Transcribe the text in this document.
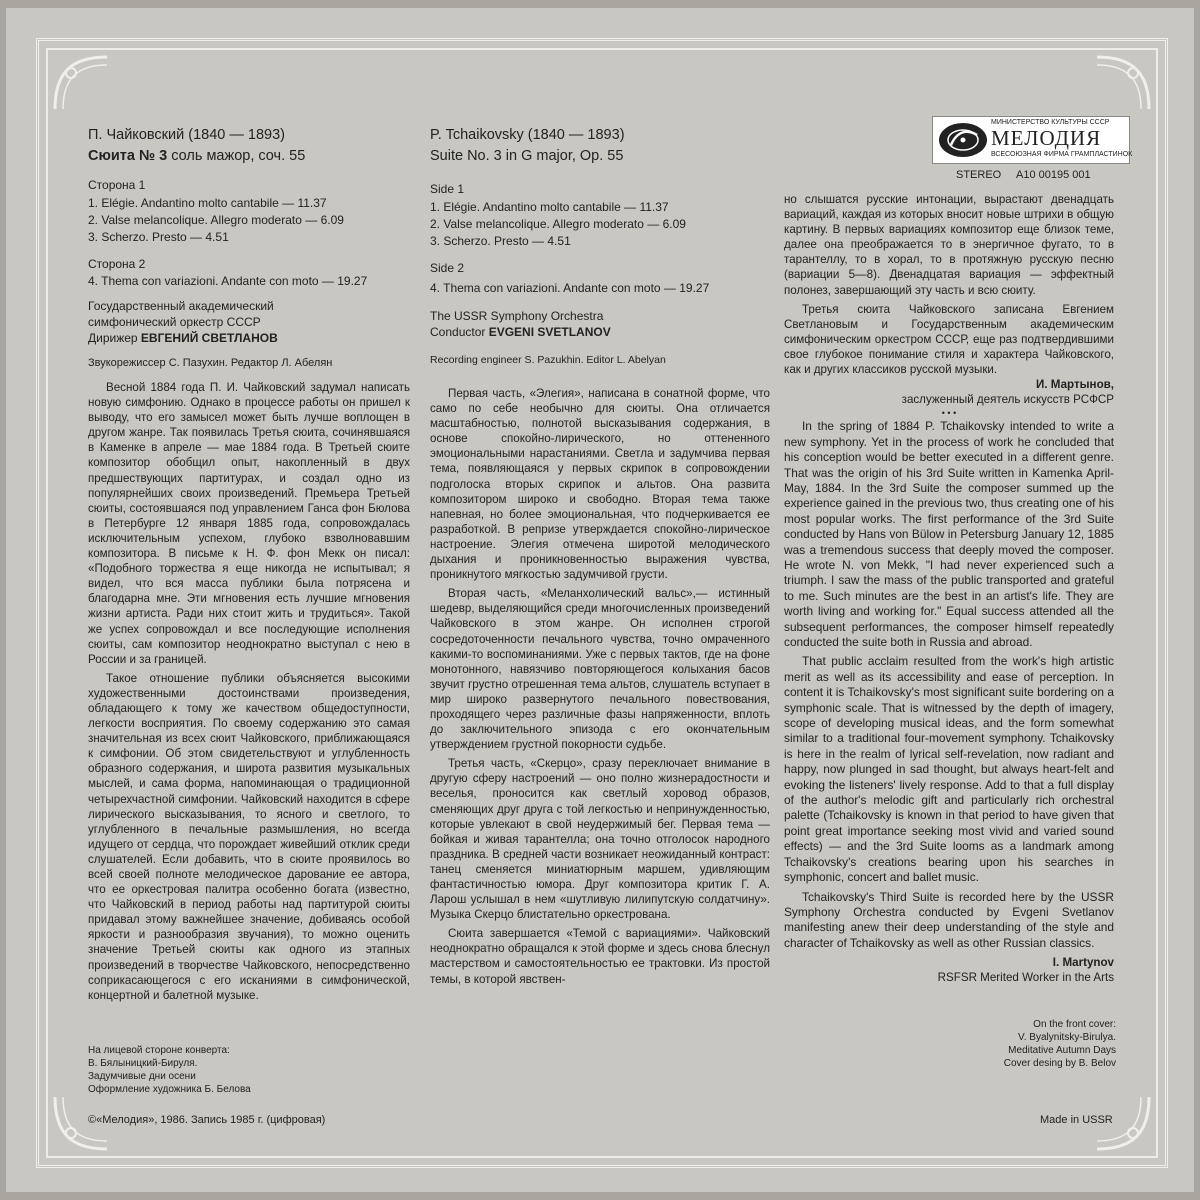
П. Чайковский (1840 — 1893)
Сюита № 3 соль мажор, соч. 55
Сторона 1
1. Elégie. Andantino molto cantabile — 11.37
2. Valse melancolique. Allegro moderato — 6.09
3. Scherzo. Presto — 4.51
Сторона 2
4. Thema con variazioni. Andante con moto — 19.27
Государственный академический
симфонический оркестр СССР
Дирижер ЕВГЕНИЙ СВЕТЛАНОВ
Звукорежиссер С. Пазухин. Редактор Л. Абелян
P. Tchaikovsky (1840 — 1893)
Suite No. 3 in G major, Op. 55
Side 1
1. Elégie. Andantino molto cantabile — 11.37
2. Valse melancolique. Allegro moderato — 6.09
3. Scherzo. Presto — 4.51
Side 2
4. Thema con variazioni. Andante con moto — 19.27
The USSR Symphony Orchestra
Conductor EVGENI SVETLANOV
Recording engineer S. Pazukhin. Editor L. Abelyan
МИНИСТЕРСТВО КУЛЬТУРЫ СССР
МЕЛОДИЯ
ВСЕСОЮЗНАЯ ФИРМА ГРАМПЛАСТИНОК
STEREO А10 00195 001

Весной 1884 года П. И. Чайковский задумал написать новую симфонию. Однако в процессе работы он пришел к выводу, что его замысел может быть лучше воплощен в другом жанре. Так появилась Третья сюита, сочинявшаяся в Каменке в апреле — мае 1884 года. В Третьей сюите композитор обобщил опыт, накопленный в двух предшествующих партитурах, и создал одно из популярнейших своих произведений. Премьера Третьей сюиты, состоявшаяся под управлением Ганса фон Бюлова в Петербурге 12 января 1885 года, сопровождалась исключительным успехом, глубоко взволновавшим композитора. В письме к Н. Ф. фон Мекк он писал: «Подобного торжества я еще никогда не испытывал; я видел, что вся масса публики была потрясена и благодарна мне. Эти мгновения есть лучшие мгновения жизни артиста. Ради них стоит жить и трудиться». Такой же успех сопровождал и все последующие исполнения сюиты, сам композитор неоднократно выступал с нею в России и за границей.

Такое отношение публики объясняется высокими художественными достоинствами произведения, обладающего к тому же качеством общедоступности, легкости восприятия. По своему содержанию это самая значительная из всех сюит Чайковского, приближающаяся к симфонии. Об этом свидетельствуют и углубленность образного содержания, и широта развития музыкальных мыслей, и сама форма, напоминающая о традиционной четырехчастной симфонии. Чайковский находится в сфере лирического высказывания, то ясного и светлого, то углубленного в печальные размышления, но всегда идущего от сердца, что порождает живейший отклик среди слушателей. Если добавить, что в сюите проявилось во всей своей полноте мелодическое дарование ее автора, что ее оркестровая палитра особенно богата (известно, что Чайковский в период работы над партитурой сюиты придавал этому важнейшее значение, добиваясь особой яркости и разнообразия звучания), то можно оценить значение Третьей сюиты как одного из этапных произведений в творчестве Чайковского, непосредственно соприкасающегося с его исканиями в симфонической, концертной и балетной музыке.

Первая часть, «Элегия», написана в сонатной форме, что само по себе необычно для сюиты. Она отличается масштабностью, полнотой высказывания содержания, в основе спокойно-лирического, но оттененного эмоциональными нарастаниями. Светла и задумчива первая тема, появляющаяся у первых скрипок в сопровождении подголоска вторых скрипок и альтов. Она развита композитором широко и свободно. Вторая тема также напевная, но более эмоциональная, что подчеркивается ее разработкой. В репризе утверждается спокойно-лирическое настроение. Элегия отмечена широтой мелодического дыхания и проникновенностью выражения чувства, проникнутого мягкостью задумчивой грусти.

Вторая часть, «Меланхолический вальс»,— истинный шедевр, выделяющийся среди многочисленных произведений Чайковского в этом жанре. Он исполнен строгой сосредоточенности печального чувства, точно омраченного какими-то воспоминаниями. Уже с первых тактов, где на фоне монотонного, навязчиво повторяющегося колыхания басов звучит грустно отрешенная тема альтов, слушатель вступает в мир широко развернутого печального повествования, проходящего через различные фазы напряженности, вплоть до заключительного эпизода с его окончательным утверждением грустной покорности судьбе.

Третья часть, «Скерцо», сразу переключает внимание в другую сферу настроений — оно полно жизнерадостности и веселья, проносится как светлый хоровод образов, сменяющих друг друга с той легкостью и непринужденностью, которые увлекают в свой неудержимый бег. Первая тема — бойкая и живая тарантелла; она точно отголосок народного праздника. В средней части возникает неожиданный контраст: танец сменяется миниатюрным маршем, удивляющим фантастичностью юмора. Друг композитора критик Г. А. Ларош услышал в нем «шутливую лилипутскую солдатчину». Музыка Скерцо блистательно оркестрована.

Сюита завершается «Темой с вариациями». Чайковский неоднократно обращался к этой форме и здесь снова блеснул мастерством и самостоятельностью ее трактовки. Из простой темы, в которой явствен-

но слышатся русские интонации, вырастают двенадцать вариаций, каждая из которых вносит новые штрихи в общую картину. В первых вариациях композитор еще близок теме, далее она преображается то в энергичное фугато, то в тарантеллу, то в хорал, то в протяжную русскую песню (вариации 5—8). Двенадцатая вариация — эффектный полонез, завершающий эту часть и всю сюиту.

Третья сюита Чайковского записана Евгением Светлановым и Государственным академическим симфоническим оркестром СССР, еще раз подтвердившими свое глубокое понимание стиля и характера Чайковского, как и других классиков русской музыки.

И. Мартынов,
заслуженный деятель искусств РСФСР
• • •

In the spring of 1884 P. Tchaikovsky intended to write a new symphony. Yet in the process of work he concluded that his conception would be better executed in a different genre. That was the origin of his 3rd Suite written in Kamenka April-May, 1884. In the 3rd Suite the composer summed up the experience gained in the previous two, thus creating one of his most popular works. The first performance of the 3rd Suite conducted by Hans von Bülow in Petersburg January 12, 1885 was a tremendous success that deeply moved the composer. He wrote N. von Mekk, "I had never experienced such a triumph. I saw the mass of the public transported and grateful to me. Such minutes are the best in an artist's life. They are worth living and working for." Equal success attended all the subsequent performances, the composer himself repeatedly conducted the suite both in Russia and abroad.

That public acclaim resulted from the work's high artistic merit as well as its accessibility and ease of perception. In content it is Tchaikovsky's most significant suite bordering on a symphonic scale. That is witnessed by the depth of imagery, scope of developing musical ideas, and the form somewhat similar to a traditional four-movement symphony. Tchaikovsky is here in the realm of lyrical self-revelation, now radiant and happy, now plunged in sad thought, but always heart-felt and evoking the listeners' lively response. Add to that a full display of the author's melodic gift and particularly rich orchestral palette (Tchaikovsky is known in that period to have given that point great importance seeking most vivid and varied sound effects) — and the 3rd Suite looms as a landmark among Tchaikovsky's creations bearing upon his searches in symphonic, concert and ballet music.

Tchaikovsky's Third Suite is recorded here by the USSR Symphony Orchestra conducted by Evgeni Svetlanov manifesting anew their deep understanding of the style and character of Tchaikovsky as well as other Russian classics.

I. Martynov
RSFSR Merited Worker in the Arts
На лицевой стороне конверта:
В. Бялыницкий-Бируля.
Задумчивые дни осени
Оформление художника Б. Белова
On the front cover:
V. Byalynitsky-Birulya.
Meditative Autumn Days
Cover desing by B. Belov
©«Мелодия», 1986. Запись 1985 г. (цифровая)	Made in USSR
